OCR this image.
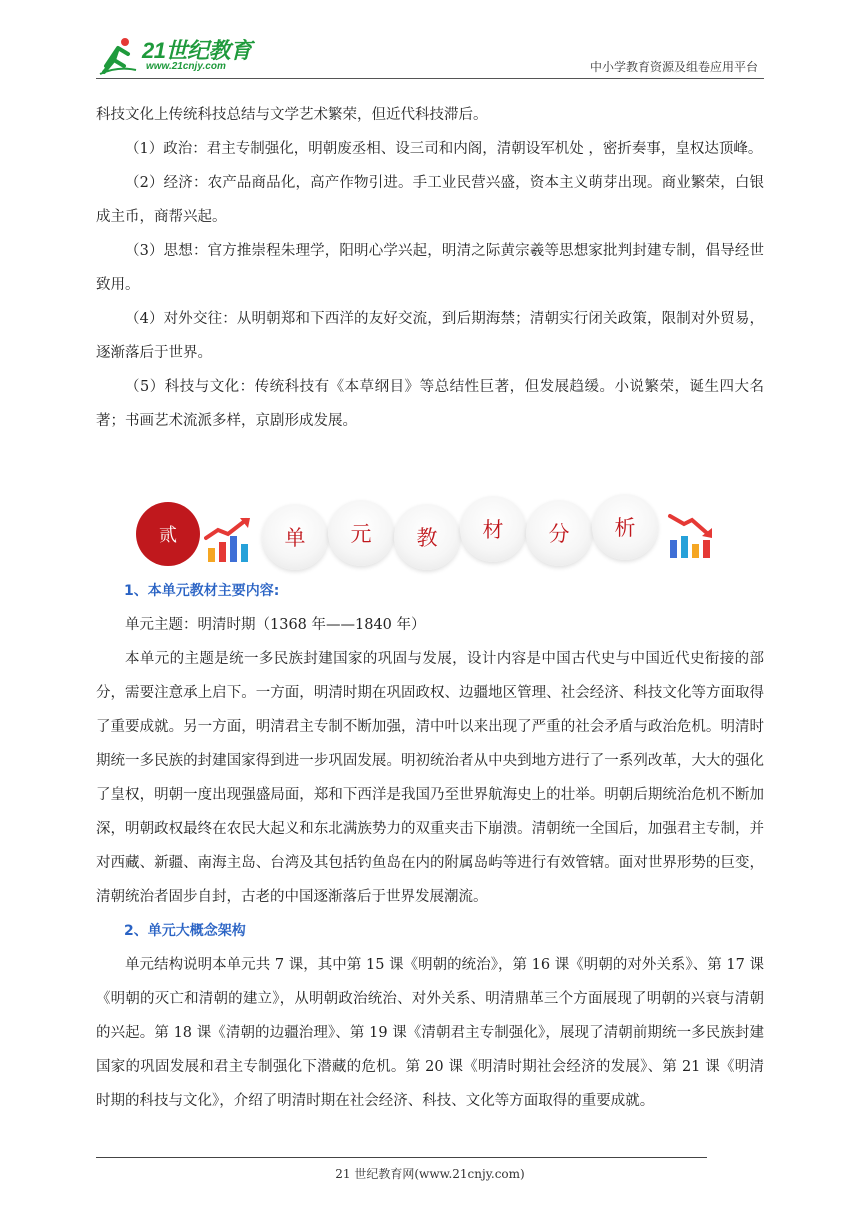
21世纪教育
www.21cnjy.com	中小学教育资源及组卷应用平台

科技文化上传统科技总结与文学艺术繁荣，但近代科技滞后。

（1）政治：君主专制强化，明朝废丞相、设三司和内阁，清朝设军机处 ，密折奏事，皇权达顶峰。

（2）经济：农产品商品化，高产作物引进。手工业民营兴盛，资本主义萌芽出现。商业繁荣，白银成主币，商帮兴起。

（3）思想：官方推崇程朱理学，阳明心学兴起，明清之际黄宗羲等思想家批判封建专制，倡导经世致用。

（4）对外交往：从明朝郑和下西洋的友好交流，到后期海禁；清朝实行闭关政策，限制对外贸易，逐渐落后于世界。

（5）科技与文化：传统科技有《本草纲目》等总结性巨著，但发展趋缓。小说繁荣，诞生四大名著；书画艺术流派多样，京剧形成发展。

贰	单	元	教	材	分	析
1、本单元教材主要内容:

单元主题：明清时期（1368 年——1840 年）

本单元的主题是统一多民族封建国家的巩固与发展，设计内容是中国古代史与中国近代史衔接的部分，需要注意承上启下。一方面，明清时期在巩固政权、边疆地区管理、社会经济、科技文化等方面取得了重要成就。另一方面，明清君主专制不断加强，清中叶以来出现了严重的社会矛盾与政治危机。明清时期统一多民族的封建国家得到进一步巩固发展。明初统治者从中央到地方进行了一系列改革，大大的强化了皇权，明朝一度出现强盛局面，郑和下西洋是我国乃至世界航海史上的壮举。明朝后期统治危机不断加深，明朝政权最终在农民大起义和东北满族势力的双重夹击下崩溃。清朝统一全国后，加强君主专制，并对西藏、新疆、南海主岛、台湾及其包括钓鱼岛在内的附属岛屿等进行有效管辖。面对世界形势的巨变，清朝统治者固步自封，古老的中国逐渐落后于世界发展潮流。

2、单元大概念架构

单元结构说明本单元共 7 课，其中第 15 课《明朝的统治》，第 16 课《明朝的对外关系》、第 17 课《明朝的灭亡和清朝的建立》，从明朝政治统治、对外关系、明清鼎革三个方面展现了明朝的兴衰与清朝的兴起。第 18 课《清朝的边疆治理》、第 19 课《清朝君主专制强化》，展现了清朝前期统一多民族封建国家的巩固发展和君主专制强化下潜藏的危机。第 20 课《明清时期社会经济的发展》、第 21 课《明清时期的科技与文化》，介绍了明清时期在社会经济、科技、文化等方面取得的重要成就。

21 世纪教育网(www.21cnjy.com)
